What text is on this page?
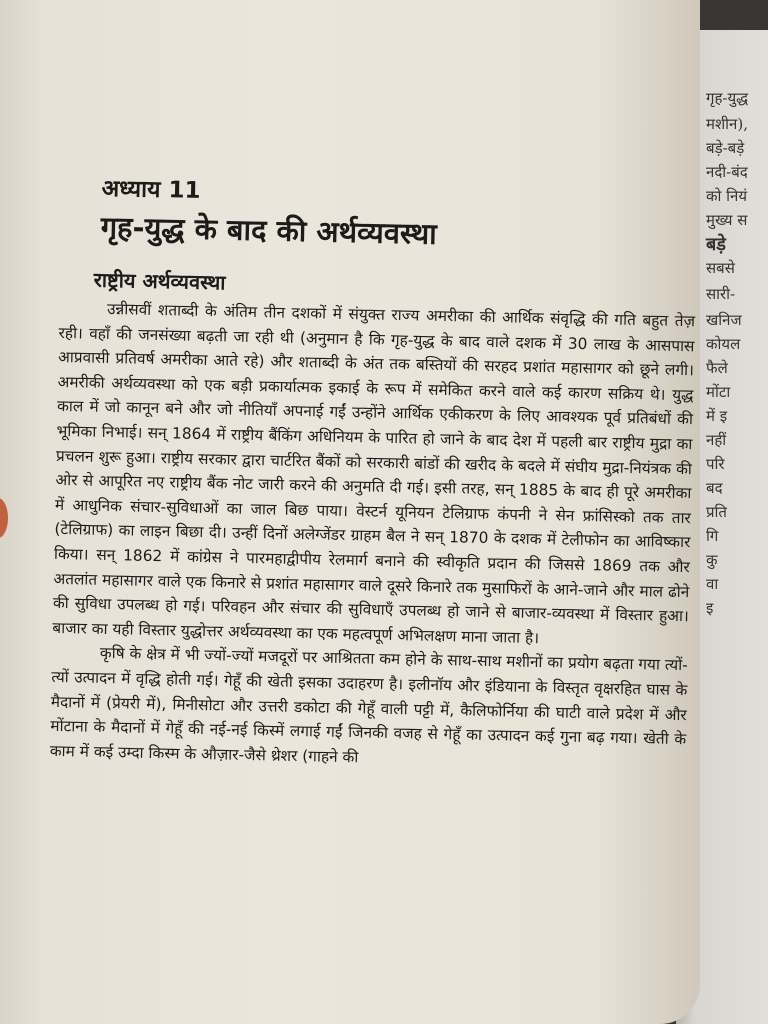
गृह-युद्ध
मशीन),
बड़े-बड़े
नदी-बंद
को नियं
मुख्य स
बड़े
सबसे
सारी-
खनिज
कोयल
फैले
मोंटा
में इ
नहीं
परि
बद
प्रति
गि
कु
वा
इ
अध्याय 11
गृह-युद्ध के बाद की अर्थव्यवस्था
राष्ट्रीय अर्थव्यवस्था

उन्नीसवीं शताब्दी के अंतिम तीन दशकों में संयुक्त राज्य अमरीका की आर्थिक संवृद्धि की गति बहुत तेज़ रही। वहाँ की जनसंख्या बढ़ती जा रही थी (अनुमान है कि गृह-युद्ध के बाद वाले दशक में 30 लाख के आसपास आप्रवासी प्रतिवर्ष अमरीका आते रहे) और शताब्दी के अंत तक बस्तियों की सरहद प्रशांत महासागर को छूने लगी। अमरीकी अर्थव्यवस्था को एक बड़ी प्रकार्यात्मक इकाई के रूप में समेकित करने वाले कई कारण सक्रिय थे। युद्ध काल में जो कानून बने और जो नीतियाँ अपनाई गईं उन्होंने आर्थिक एकीकरण के लिए आवश्यक पूर्व प्रतिबंधों की भूमिका निभाई। सन् 1864 में राष्ट्रीय बैंकिंग अधिनियम के पारित हो जाने के बाद देश में पहली बार राष्ट्रीय मुद्रा का प्रचलन शुरू हुआ। राष्ट्रीय सरकार द्वारा चार्टरित बैंकों को सरकारी बांडों की खरीद के बदले में संघीय मुद्रा-नियंत्रक की ओर से आपूरित नए राष्ट्रीय बैंक नोट जारी करने की अनुमति दी गई। इसी तरह, सन् 1885 के बाद ही पूरे अमरीका में आधुनिक संचार-सुविधाओं का जाल बिछ पाया। वेस्टर्न यूनियन टेलिग्राफ कंपनी ने सेन फ्रांसिस्को तक तार (टेलिग्राफ) का लाइन बिछा दी। उन्हीं दिनों अलेग्जेंडर ग्राहम बैल ने सन् 1870 के दशक में टेलीफोन का आविष्कार किया। सन् 1862 में कांग्रेस ने पारमहाद्वीपीय रेलमार्ग बनाने की स्वीकृति प्रदान की जिससे 1869 तक और अतलांत महासागर वाले एक किनारे से प्रशांत महासागर वाले दूसरे किनारे तक मुसाफिरों के आने-जाने और माल ढोने की सुविधा उपलब्ध हो गई। परिवहन और संचार की सुविधाएँ उपलब्ध हो जाने से बाजार-व्यवस्था में विस्तार हुआ। बाजार का यही विस्तार युद्धोत्तर अर्थव्यवस्था का एक महत्वपूर्ण अभिलक्षण माना जाता है।

कृषि के क्षेत्र में भी ज्यों-ज्यों मजदूरों पर आश्रितता कम होने के साथ-साथ मशीनों का प्रयोग बढ़ता गया त्यों-त्यों उत्पादन में वृद्धि होती गई। गेहूँ की खेती इसका उदाहरण है। इलीनॉय और इंडियाना के विस्तृत वृक्षरहित घास के मैदानों में (प्रेयरी में), मिनीसोटा और उत्तरी डकोटा की गेहूँ वाली पट्टी में, कैलिफोर्निया की घाटी वाले प्रदेश में और मोंटाना के मैदानों में गेहूँ की नई-नई किस्में लगाई गईं जिनकी वजह से गेहूँ का उत्पादन कई गुना बढ़ गया। खेती के काम में कई उम्दा किस्म के औज़ार-जैसे थ्रेशर (गाहने की
